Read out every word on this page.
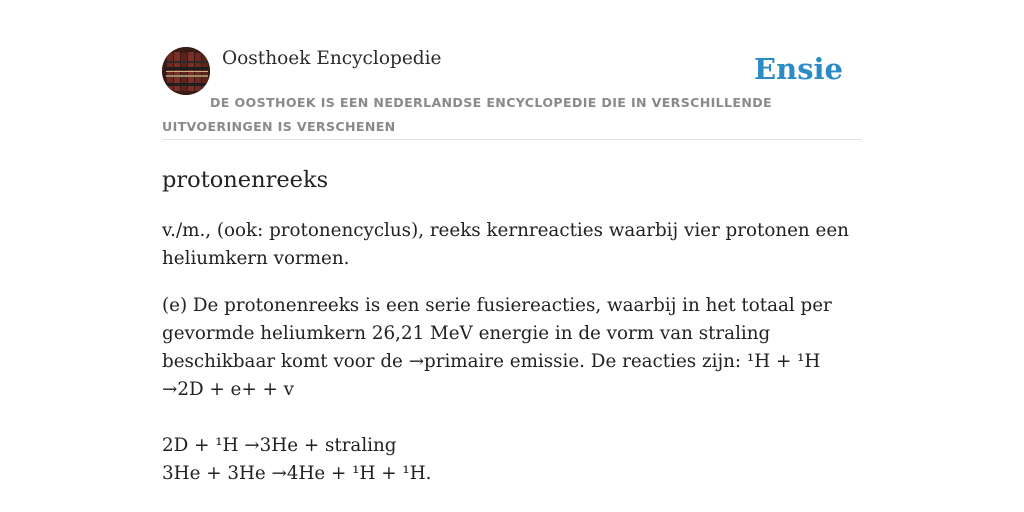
Oosthoek Encyclopedie	Ensie
DE OOSTHOEK IS EEN NEDERLANDSE ENCYCLOPEDIE DIE IN VERSCHILLENDE UITVOERINGEN IS VERSCHENEN
protonenreeks

v./m., (ook: protonencyclus), reeks kernreacties waarbij vier protonen een heliumkern vormen.

(e) De protonenreeks is een serie fusiereacties, waarbij in het totaal per gevormde heliumkern 26,21 MeV energie in de vorm van straling beschikbaar komt voor de →primaire emissie. De reacties zijn: ¹H + ¹H →2D + e+ + v
2D + ¹H →3He + straling
3He + 3He →4He + ¹H + ¹H.
